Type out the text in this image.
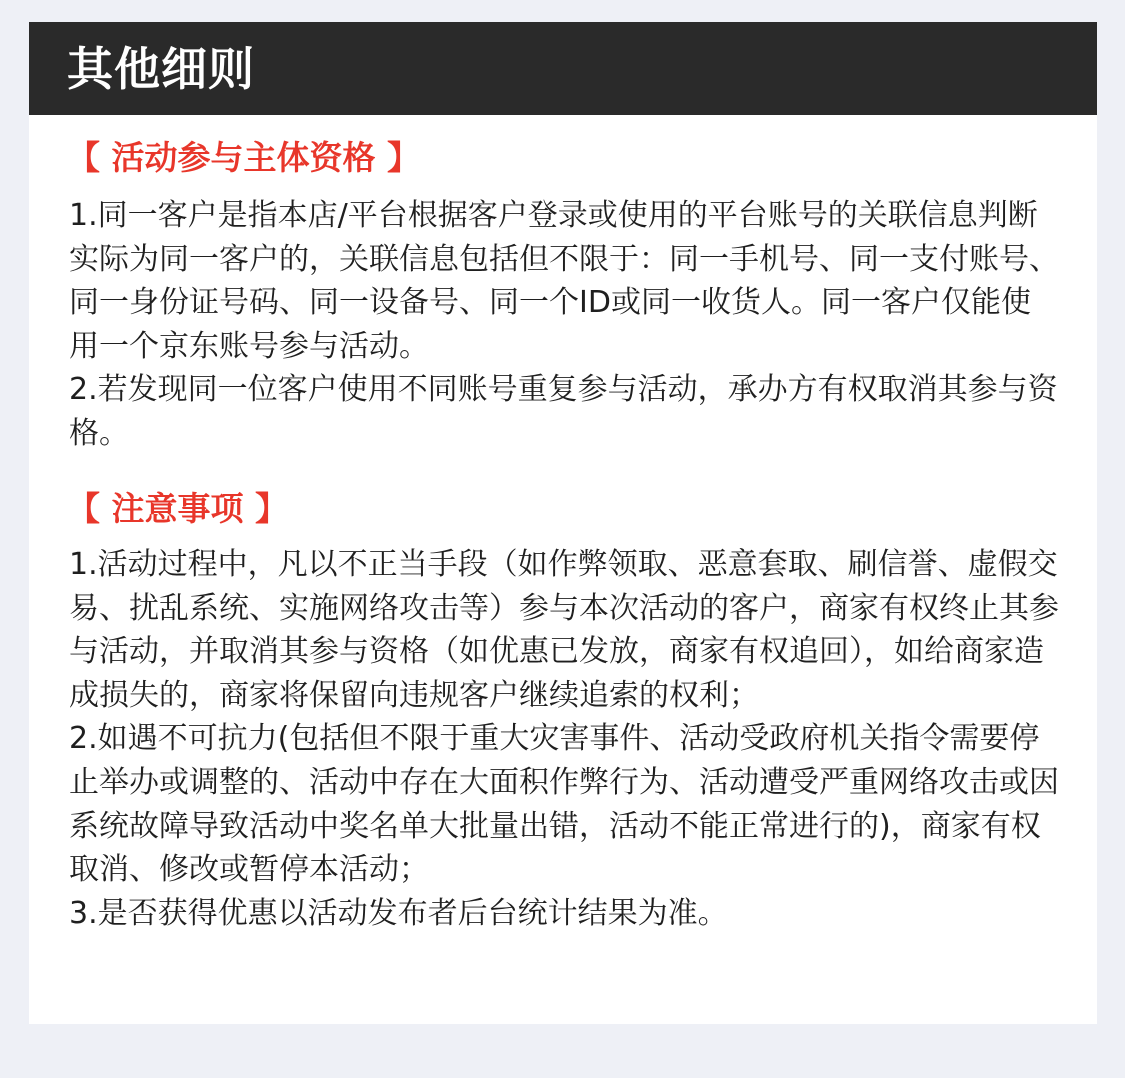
其他细则
【 活动参与主体资格 】

1.同一客户是指本店/平台根据客户登录或使用的平台账号的关联信息判断实际为同一客户的，关联信息包括但不限于：同一手机号、同一支付账号、同一身份证号码、同一设备号、同一个ID或同一收货人。同一客户仅能使用一个京东账号参与活动。

2.若发现同一位客户使用不同账号重复参与活动，承办方有权取消其参与资格。

【 注意事项 】

1.活动过程中，凡以不正当手段（如作弊领取、恶意套取、刷信誉、虚假交易、扰乱系统、实施网络攻击等）参与本次活动的客户，商家有权终止其参与活动，并取消其参与资格（如优惠已发放，商家有权追回），如给商家造成损失的，商家将保留向违规客户继续追索的权利；

2.如遇不可抗力(包括但不限于重大灾害事件、活动受政府机关指令需要停止举办或调整的、活动中存在大面积作弊行为、活动遭受严重网络攻击或因系统故障导致活动中奖名单大批量出错，活动不能正常进行的)，商家有权取消、修改或暂停本活动；

3.是否获得优惠以活动发布者后台统计结果为准。
